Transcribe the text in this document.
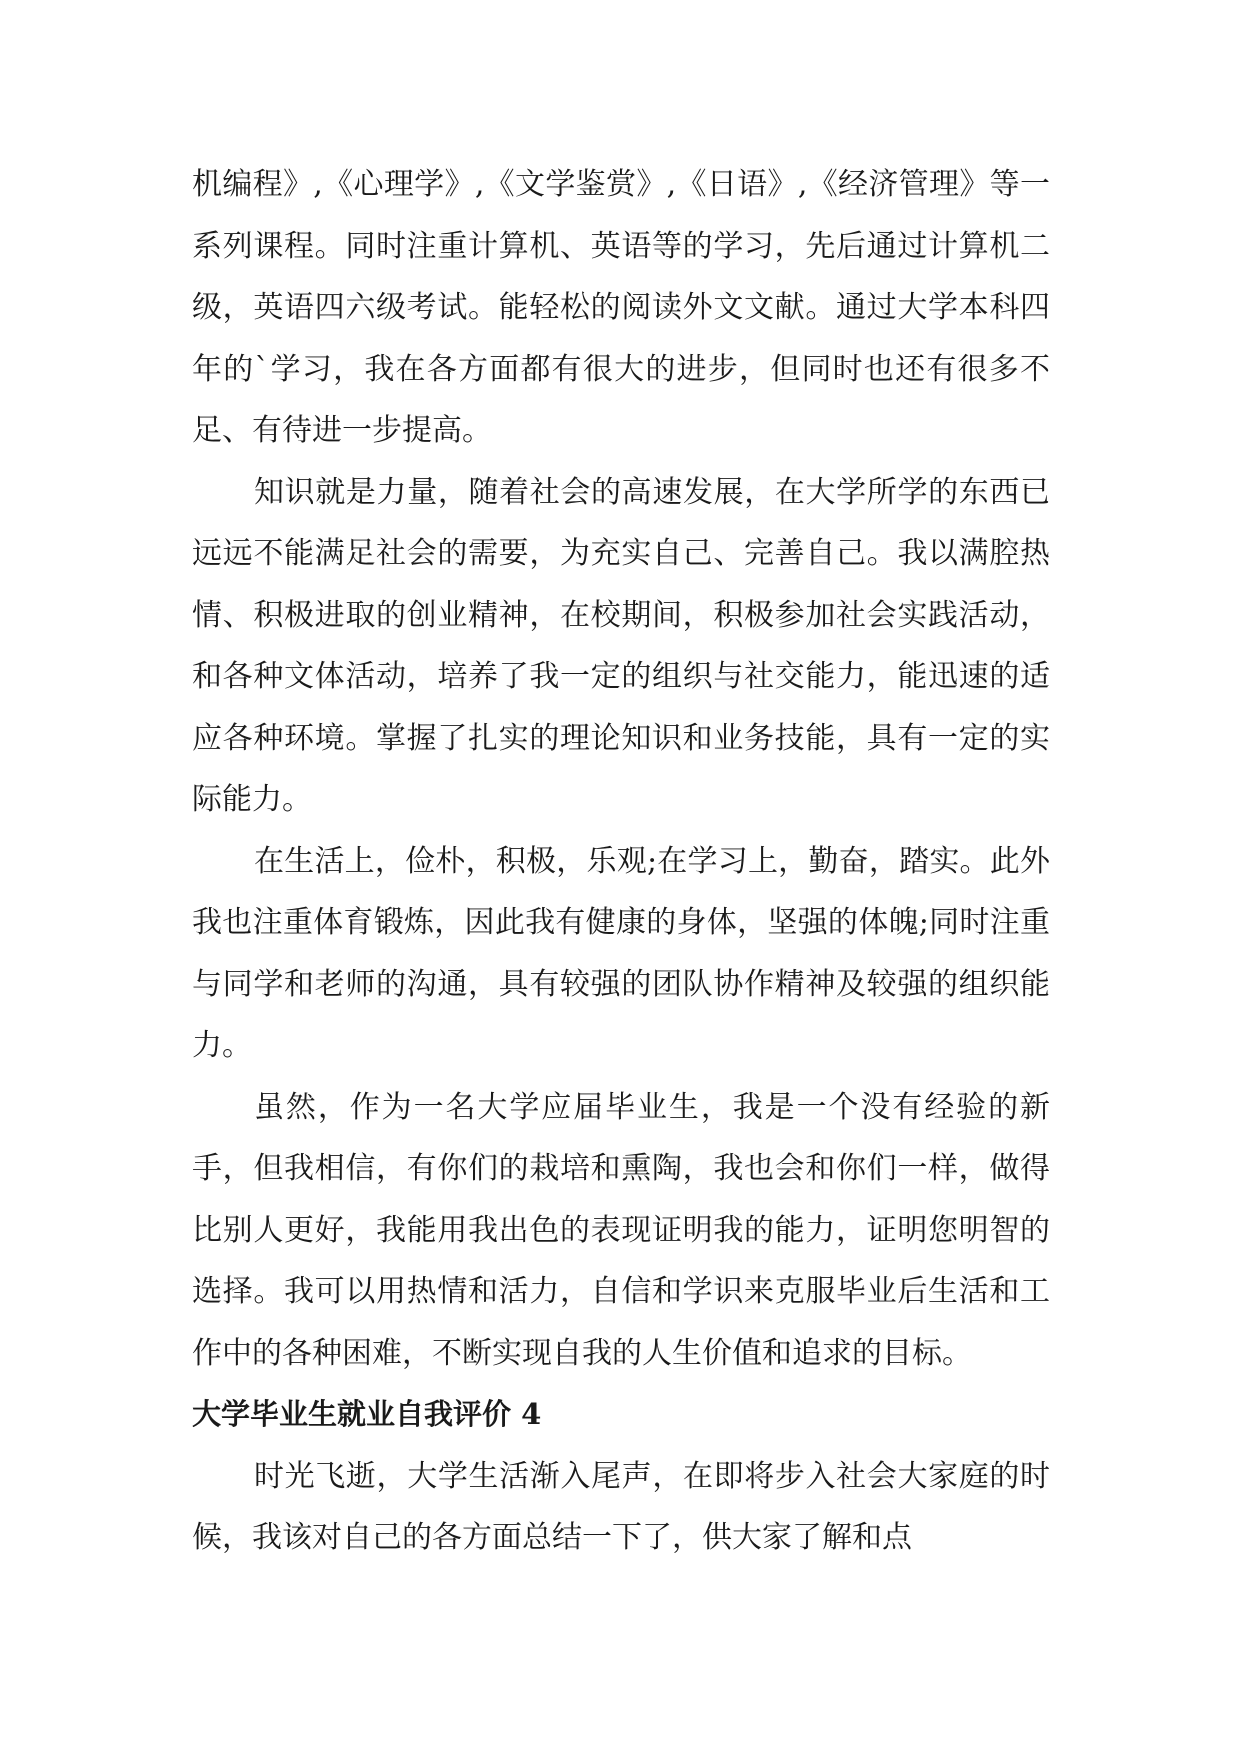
机编程》,《心理学》,《文学鉴赏》,《日语》,《经济管理》等一系列课程。同时注重计算机、英语等的学习，先后通过计算机二级，英语四六级考试。能轻松的阅读外文文献。通过大学本科四年的`学习，我在各方面都有很大的进步，但同时也还有很多不足、有待进一步提高。

知识就是力量，随着社会的高速发展，在大学所学的东西已远远不能满足社会的需要，为充实自己、完善自己。我以满腔热情、积极进取的创业精神，在校期间，积极参加社会实践活动，和各种文体活动，培养了我一定的组织与社交能力，能迅速的适应各种环境。掌握了扎实的理论知识和业务技能，具有一定的实际能力。

在生活上，俭朴，积极，乐观;在学习上，勤奋，踏实。此外我也注重体育锻炼，因此我有健康的身体，坚强的体魄;同时注重与同学和老师的沟通，具有较强的团队协作精神及较强的组织能力。

虽然，作为一名大学应届毕业生，我是一个没有经验的新手，但我相信，有你们的栽培和熏陶，我也会和你们一样，做得比别人更好，我能用我出色的表现证明我的能力，证明您明智的选择。我可以用热情和活力，自信和学识来克服毕业后生活和工作中的各种困难，不断实现自我的人生价值和追求的目标。

大学毕业生就业自我评价 4

时光飞逝，大学生活渐入尾声，在即将步入社会大家庭的时候，我该对自己的各方面总结一下了，供大家了解和点
